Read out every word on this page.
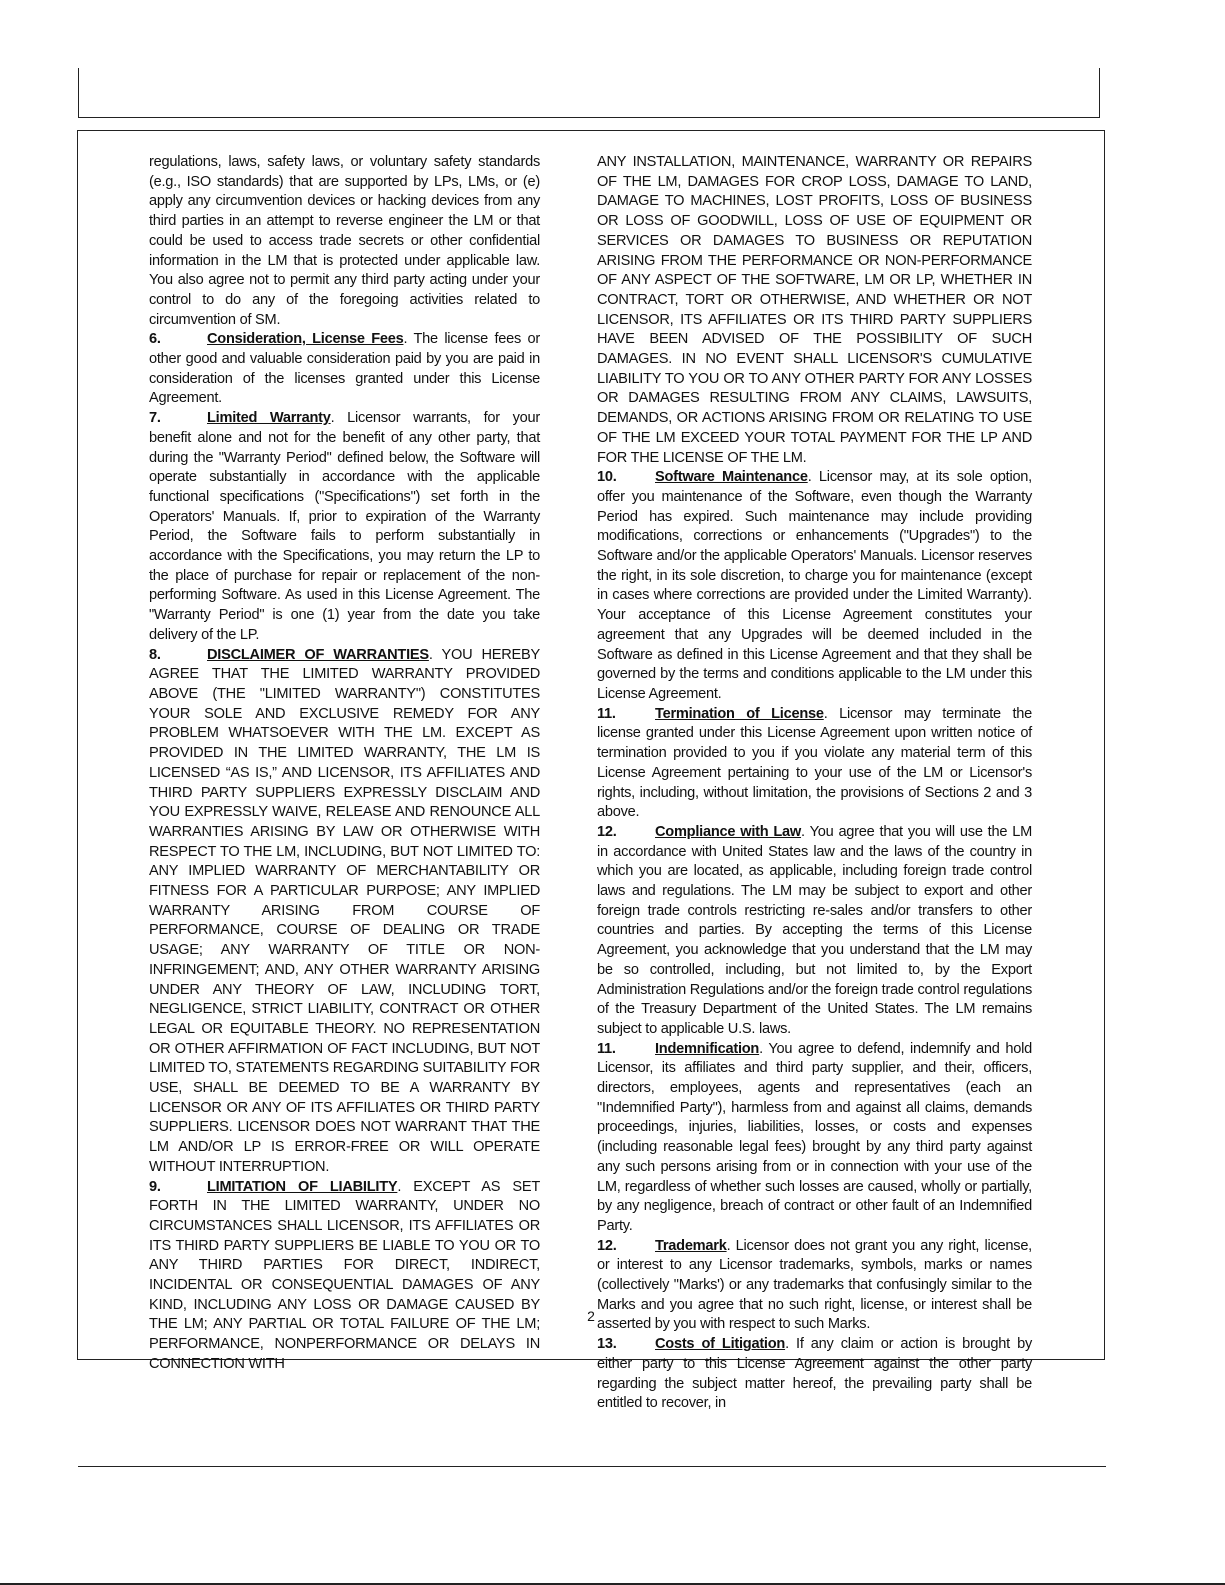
regulations, laws, safety laws, or voluntary safety standards (e.g., ISO standards) that are supported by LPs, LMs, or (e) apply any circumvention devices or hacking devices from any third parties in an attempt to reverse engineer the LM or that could be used to access trade secrets or other confidential information in the LM that is protected under applicable law. You also agree not to permit any third party acting under your control to do any of the foregoing activities related to circumvention of SM.

6.	Consideration, License Fees. The license fees or other good and valuable consideration paid by you are paid in consideration of the licenses granted under this License Agreement.

7.	Limited Warranty. Licensor warrants, for your benefit alone and not for the benefit of any other party, that during the "Warranty Period" defined below, the Software will operate substantially in accordance with the applicable functional specifications ("Specifications") set forth in the Operators' Manuals. If, prior to expiration of the Warranty Period, the Software fails to perform substantially in accordance with the Specifications, you may return the LP to the place of purchase for repair or replacement of the non-performing Software. As used in this License Agreement. The "Warranty Period" is one (1) year from the date you take delivery of the LP.

8.	DISCLAIMER OF WARRANTIES. YOU HEREBY AGREE THAT THE LIMITED WARRANTY PROVIDED ABOVE (THE "LIMITED WARRANTY") CONSTITUTES YOUR SOLE AND EXCLUSIVE REMEDY FOR ANY PROBLEM WHATSOEVER WITH THE LM. EXCEPT AS PROVIDED IN THE LIMITED WARRANTY, THE LM IS LICENSED “AS IS,” AND LICENSOR, ITS AFFILIATES AND THIRD PARTY SUPPLIERS EXPRESSLY DISCLAIM AND YOU EXPRESSLY WAIVE, RELEASE AND RENOUNCE ALL WARRANTIES ARISING BY LAW OR OTHERWISE WITH RESPECT TO THE LM, INCLUDING, BUT NOT LIMITED TO: ANY IMPLIED WARRANTY OF MERCHANTABILITY OR FITNESS FOR A PARTICULAR PURPOSE; ANY IMPLIED WARRANTY ARISING FROM COURSE OF PERFORMANCE, COURSE OF DEALING OR TRADE USAGE; ANY WARRANTY OF TITLE OR NON-INFRINGEMENT; AND, ANY OTHER WARRANTY ARISING UNDER ANY THEORY OF LAW, INCLUDING TORT, NEGLIGENCE, STRICT LIABILITY, CONTRACT OR OTHER LEGAL OR EQUITABLE THEORY. NO REPRESENTATION OR OTHER AFFIRMATION OF FACT INCLUDING, BUT NOT LIMITED TO, STATEMENTS REGARDING SUITABILITY FOR USE, SHALL BE DEEMED TO BE A WARRANTY BY LICENSOR OR ANY OF ITS AFFILIATES OR THIRD PARTY SUPPLIERS. LICENSOR DOES NOT WARRANT THAT THE LM AND/OR LP IS ERROR-FREE OR WILL OPERATE WITHOUT INTERRUPTION.

9.	LIMITATION OF LIABILITY. EXCEPT AS SET FORTH IN THE LIMITED WARRANTY, UNDER NO CIRCUMSTANCES SHALL LICENSOR, ITS AFFILIATES OR ITS THIRD PARTY SUPPLIERS BE LIABLE TO YOU OR TO ANY THIRD PARTIES FOR DIRECT, INDIRECT, INCIDENTAL OR CONSEQUENTIAL DAMAGES OF ANY KIND, INCLUDING ANY LOSS OR DAMAGE CAUSED BY THE LM; ANY PARTIAL OR TOTAL FAILURE OF THE LM; PERFORMANCE, NONPERFORMANCE OR DELAYS IN CONNECTION WITH

ANY INSTALLATION, MAINTENANCE, WARRANTY OR REPAIRS OF THE LM, DAMAGES FOR CROP LOSS, DAMAGE TO LAND, DAMAGE TO MACHINES, LOST PROFITS, LOSS OF BUSINESS OR LOSS OF GOODWILL, LOSS OF USE OF EQUIPMENT OR SERVICES OR DAMAGES TO BUSINESS OR REPUTATION ARISING FROM THE PERFORMANCE OR NON-PERFORMANCE OF ANY ASPECT OF THE SOFTWARE, LM OR LP, WHETHER IN CONTRACT, TORT OR OTHERWISE, AND WHETHER OR NOT LICENSOR, ITS AFFILIATES OR ITS THIRD PARTY SUPPLIERS HAVE BEEN ADVISED OF THE POSSIBILITY OF SUCH DAMAGES. IN NO EVENT SHALL LICENSOR'S CUMULATIVE LIABILITY TO YOU OR TO ANY OTHER PARTY FOR ANY LOSSES OR DAMAGES RESULTING FROM ANY CLAIMS, LAWSUITS, DEMANDS, OR ACTIONS ARISING FROM OR RELATING TO USE OF THE LM EXCEED YOUR TOTAL PAYMENT FOR THE LP AND FOR THE LICENSE OF THE LM.

10.	Software Maintenance. Licensor may, at its sole option, offer you maintenance of the Software, even though the Warranty Period has expired. Such maintenance may include providing modifications, corrections or enhancements ("Upgrades") to the Software and/or the applicable Operators' Manuals. Licensor reserves the right, in its sole discretion, to charge you for maintenance (except in cases where corrections are provided under the Limited Warranty). Your acceptance of this License Agreement constitutes your agreement that any Upgrades will be deemed included in the Software as defined in this License Agreement and that they shall be governed by the terms and conditions applicable to the LM under this License Agreement.

11.	Termination of License. Licensor may terminate the license granted under this License Agreement upon written notice of termination provided to you if you violate any material term of this License Agreement pertaining to your use of the LM or Licensor's rights, including, without limitation, the provisions of Sections 2 and 3 above.

12.	Compliance with Law. You agree that you will use the LM in accordance with United States law and the laws of the country in which you are located, as applicable, including foreign trade control laws and regulations. The LM may be subject to export and other foreign trade controls restricting re-sales and/or transfers to other countries and parties. By accepting the terms of this License Agreement, you acknowledge that you understand that the LM may be so controlled, including, but not limited to, by the Export Administration Regulations and/or the foreign trade control regulations of the Treasury Department of the United States. The LM remains subject to applicable U.S. laws.

11.	Indemnification. You agree to defend, indemnify and hold Licensor, its affiliates and third party supplier, and their, officers, directors, employees, agents and representatives (each an "Indemnified Party"), harmless from and against all claims, demands proceedings, injuries, liabilities, losses, or costs and expenses (including reasonable legal fees) brought by any third party against any such persons arising from or in connection with your use of the LM, regardless of whether such losses are caused, wholly or partially, by any negligence, breach of contract or other fault of an Indemnified Party.

12.	Trademark. Licensor does not grant you any right, license, or interest to any Licensor trademarks, symbols, marks or names (collectively "Marks') or any trademarks that confusingly similar to the Marks and you agree that no such right, license, or interest shall be asserted by you with respect to such Marks.

13.	Costs of Litigation. If any claim or action is brought by either party to this License Agreement against the other party regarding the subject matter hereof, the prevailing party shall be entitled to recover, in

2
